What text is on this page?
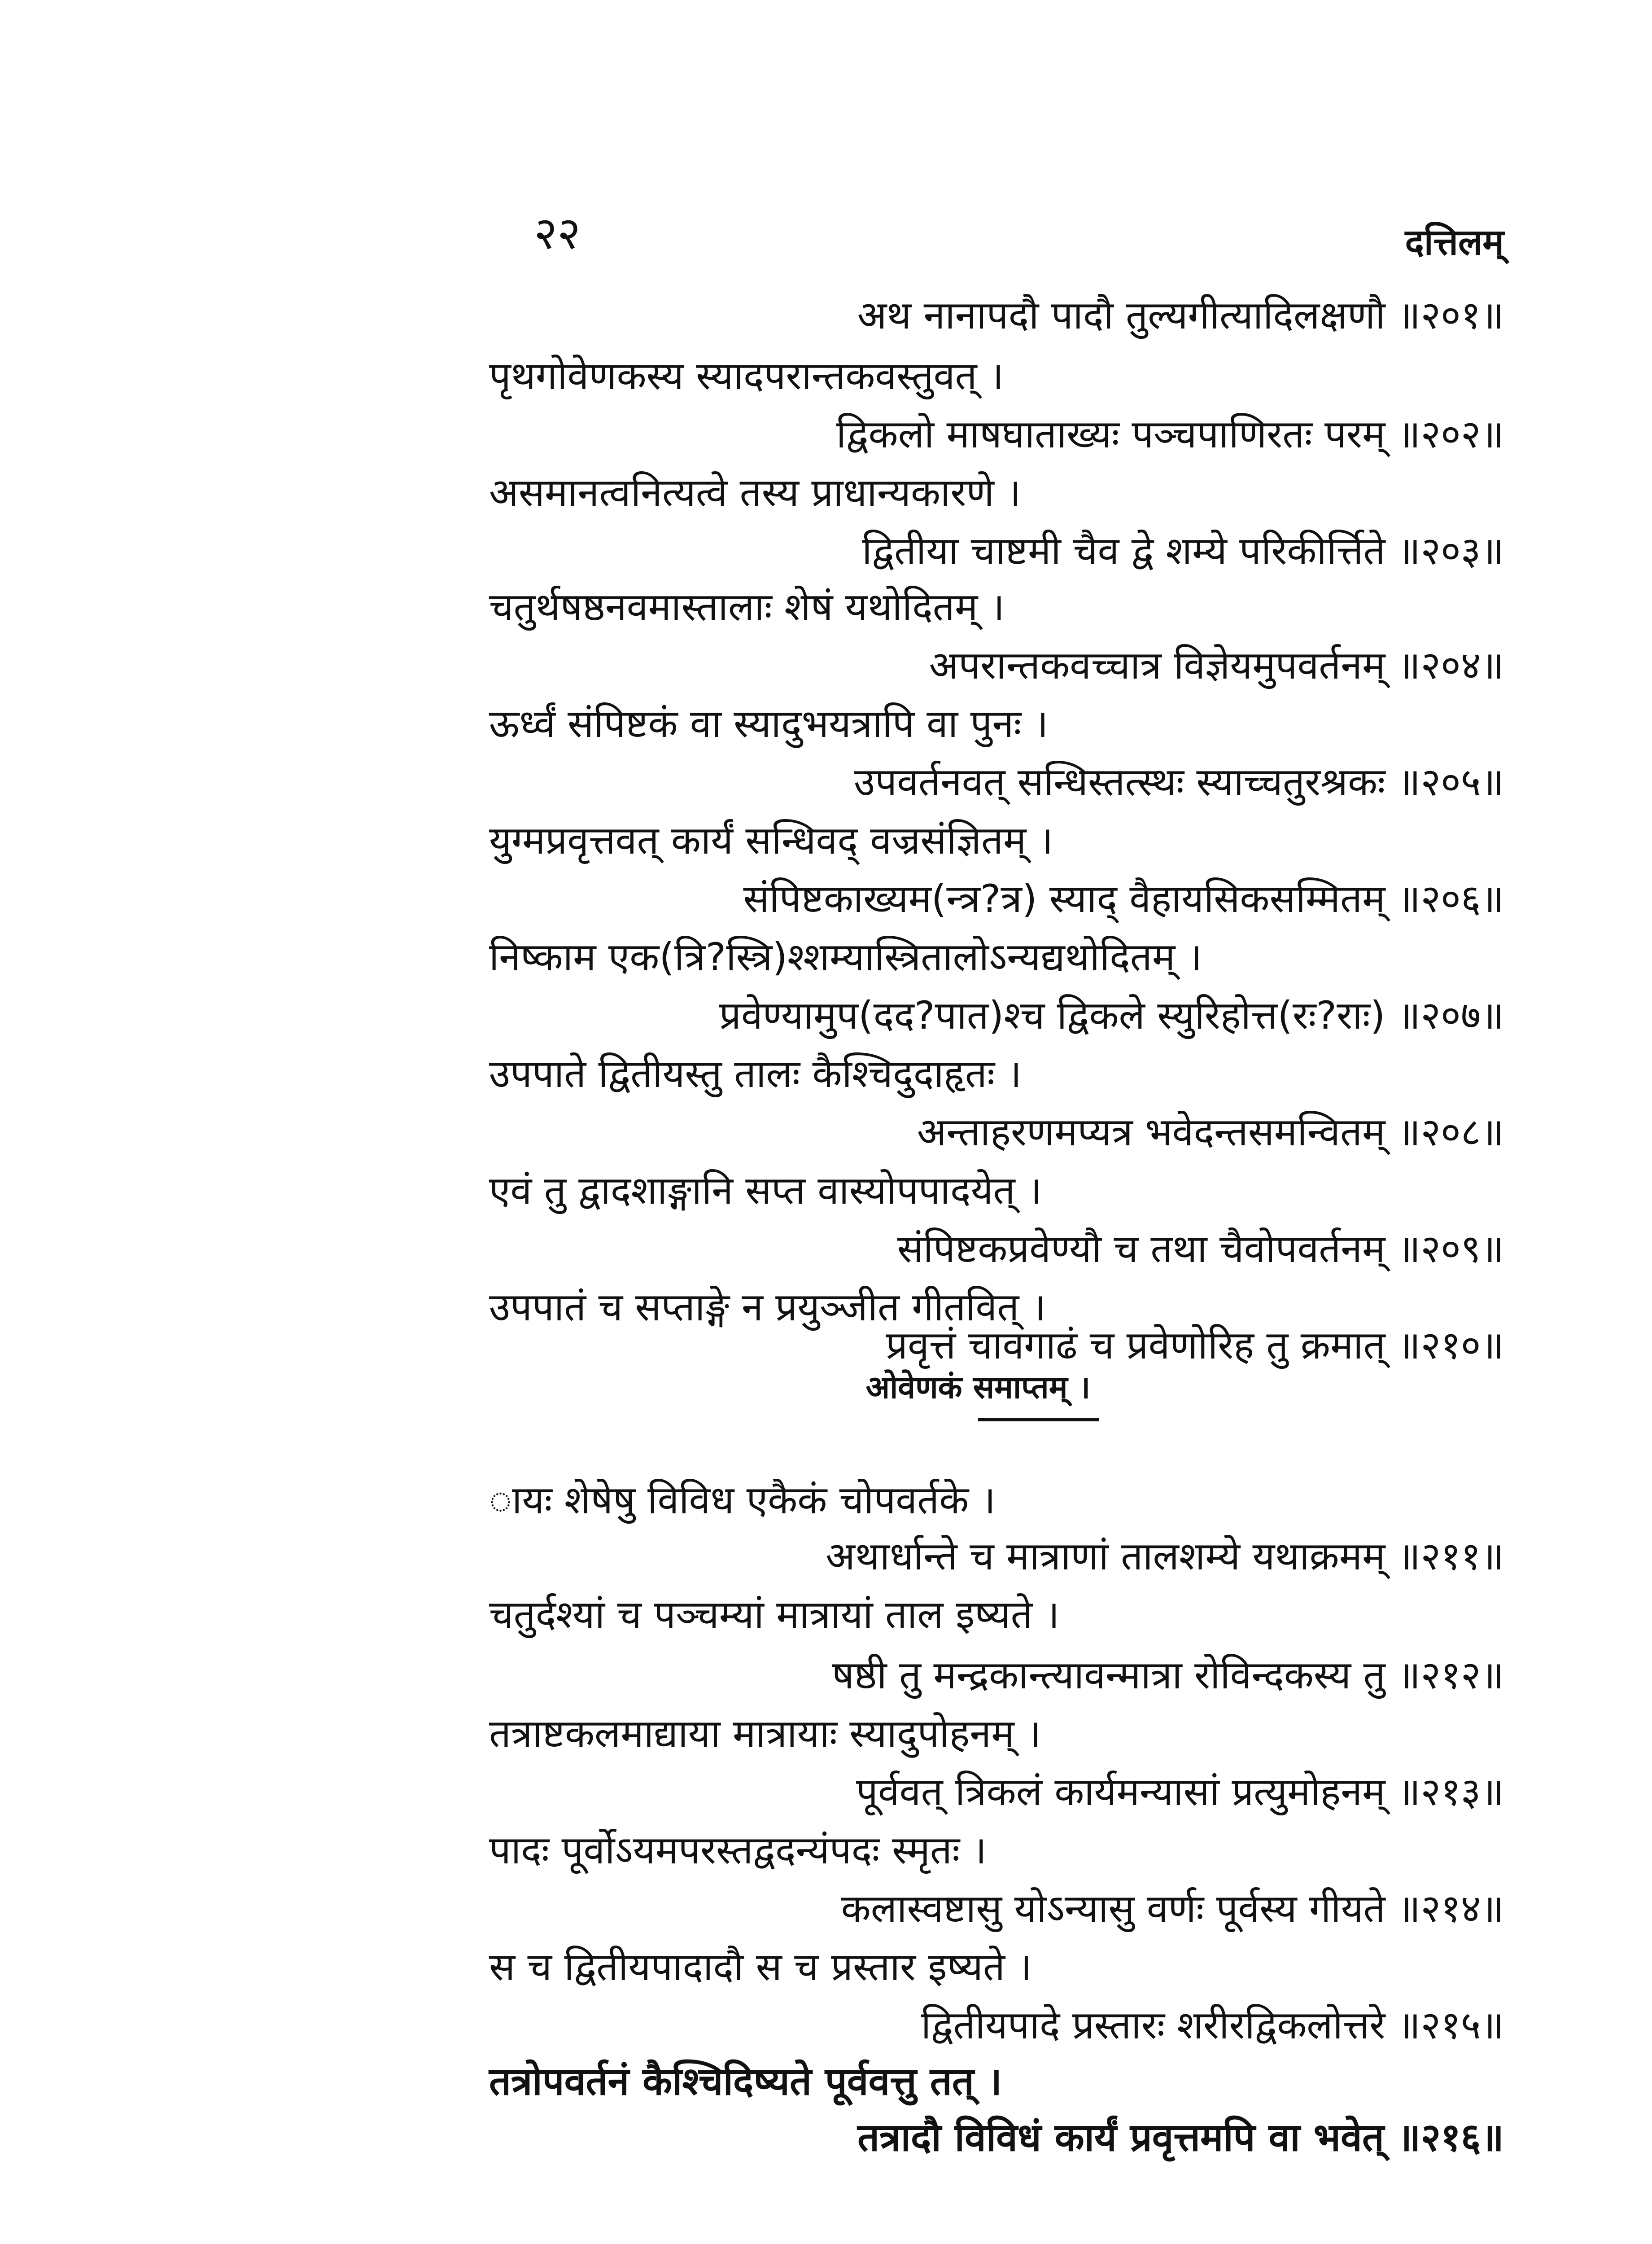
२२	दत्तिलम्
अथ नानापदौ पादौ तुल्यगीत्यादिलक्षणौ ॥२०१॥
पृथगोवेणकस्य स्यादपरान्तकवस्तुवत् ।
द्विकलो माषघाताख्यः पञ्चपाणिरतः परम् ॥२०२॥
असमानत्वनित्यत्वे तस्य प्राधान्यकारणे ।
द्वितीया चाष्टमी चैव द्वे शम्ये परिकीर्त्तिते ॥२०३॥
चतुर्थषष्ठनवमास्तालाः शेषं यथोदितम् ।
अपरान्तकवच्चात्र विज्ञेयमुपवर्तनम् ॥२०४॥
ऊर्ध्वं संपिष्टकं वा स्यादुभयत्रापि वा पुनः ।
उपवर्तनवत् सन्धिस्तत्स्थः स्याच्चतुरश्रकः ॥२०५॥
युग्मप्रवृत्तवत् कार्यं सन्धिवद् वज्रसंज्ञितम् ।
संपिष्टकाख्यम(न्त्र?त्र) स्याद् वैहायसिकसम्मितम् ॥२०६॥
निष्काम एक(त्रि?स्त्रि)श्शम्यास्त्रितालोऽन्यद्यथोदितम् ।
प्रवेण्यामुप(दद?पात)श्च द्विकले स्युरिहोत्त(रः?राः) ॥२०७॥
उपपाते द्वितीयस्तु तालः कैश्चिदुदाहृतः ।
अन्ताहरणमप्यत्र भवेदन्तसमन्वितम् ॥२०८॥
एवं तु द्वादशाङ्गानि सप्त वास्योपपादयेत् ।
संपिष्टकप्रवेण्यौ च तथा चैवोपवर्तनम् ॥२०९॥
उपपातं च सप्ताङ्गे न प्रयुञ्जीत गीतवित् ।
प्रवृत्तं चावगाढं च प्रवेणोरिह तु क्रमात् ॥२१०॥
ओवेणकं समाप्तम् ।
ायः शेषेषु विविध एकैकं चोपवर्तके ।
अथार्धान्ते च मात्राणां तालशम्ये यथाक्रमम् ॥२११॥
चतुर्दश्यां च पञ्चम्यां मात्रायां ताल इष्यते ।
षष्ठी तु मन्द्रकान्त्यावन्मात्रा रोविन्दकस्य तु ॥२१२॥
तत्राष्टकलमाद्याया मात्रायाः स्यादुपोहनम् ।
पूर्ववत् त्रिकलं कार्यमन्यासां प्रत्युमोहनम् ॥२१३॥
पादः पूर्वोऽयमपरस्तद्वदन्यंपदः स्मृतः ।
कलास्वष्टासु योऽन्यासु वर्णः पूर्वस्य गीयते ॥२१४॥
स च द्वितीयपादादौ स च प्रस्तार इष्यते ।
द्वितीयपादे प्रस्तारः शरीरद्विकलोत्तरे ॥२१५॥
तत्रोपवर्तनं कैश्चिदिष्यते पूर्ववत्तु तत् ।
तत्रादौ विविधं कार्यं प्रवृत्तमपि वा भवेत् ॥२१६॥
